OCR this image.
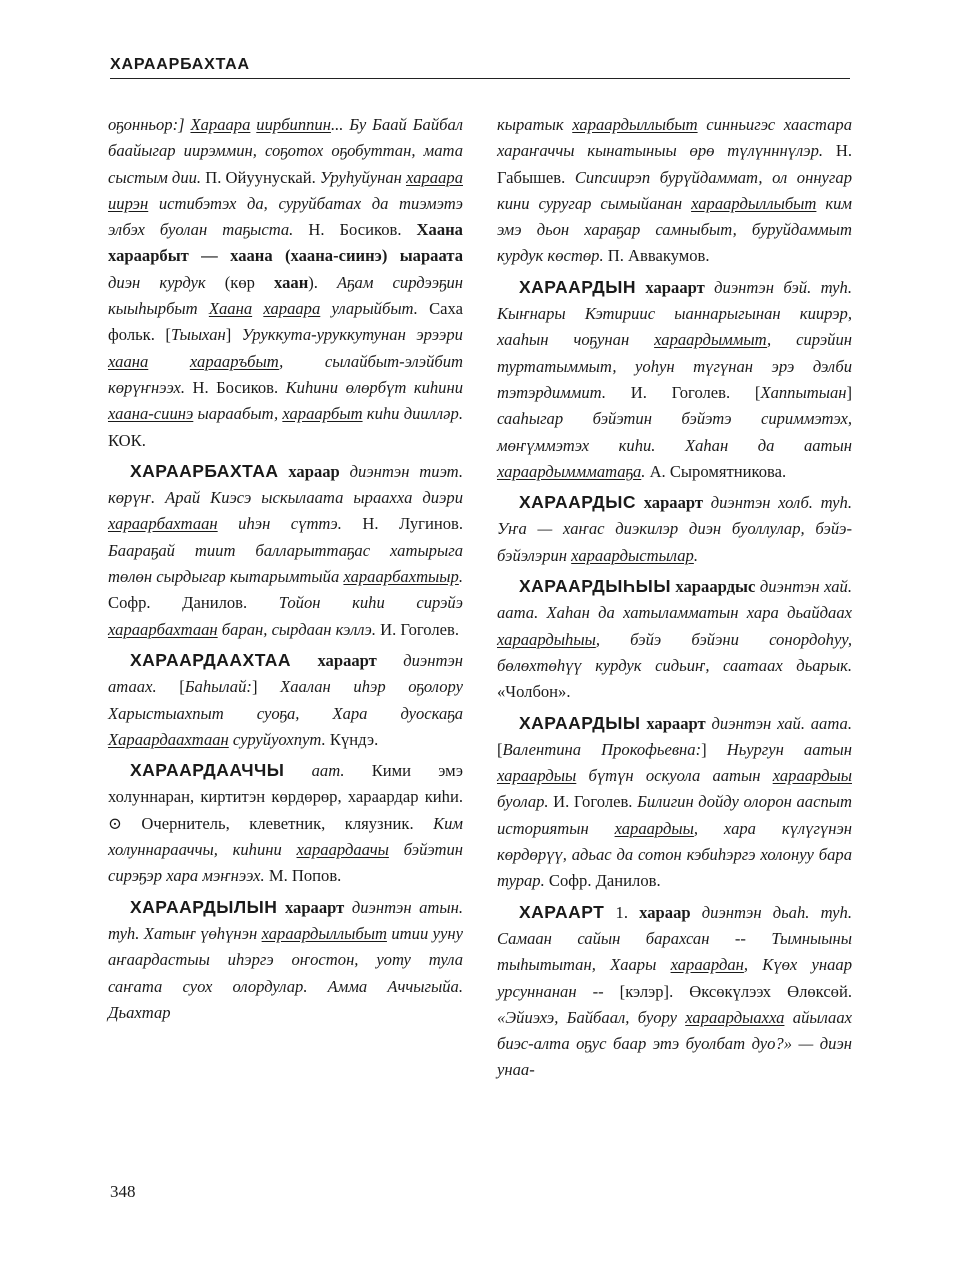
ХАРААРБАХТАА

оҕонньор:] Хараара иирбиппин... Бу Баай Байбал баайыгар иирэммин, соҕотох оҕобуттан, мата сыстым дии. П. Ойуунускай. Уруһуйунан хараара иирэн истибэтэх да, суруйбатах да тиэмэтэ элбэх буолан таҕыста. Н. Босиков. Хаана хараарбыт — хаана (хаана-сиинэ) ыараата диэн курдук (көр хаан). Аҕам сирдээҕин кыыһырбыт Хаана хараара уларыйбыт. Саха фольк. [Тыыхан] Уруккута-уруккутунан эрээри хаана	харааръбыт, сылайбыт-элэйбит көрүҥнээх. Н. Босиков. Киһини өлөрбүт киһини хаана-сиинэ ыараабыт, хараарбыт киһи диилләр. КОК.

ХАРААРБАХТАА хараар диэнтэн тиэт. көрүҥ. Арай Киэсэ ыскылаата ыраахха диэри хараарбахтаан иһэн сүттэ. Н. Лугинов. Баараҕай тиит балларыттаҕас хатырыга төлөн сырдыгар кытарымтыйа хараарбахтыыр. Софр. Данилов. Тойон киһи сирэйэ хараарбахтаан баран, сырдаан кэллэ. И. Гоголев.

ХАРААРДААХТАА хараарт диэнтэн атаах. [Баһылай:] Хаалан иһэр оҕолору Харыстыахпыт суоҕа, Хара дуоскаҕа Хараардаахтаан суруйуохпут. Күндэ.

ХАРААРДААЧЧЫ аат. Кими эмэ холуннаран, киртитэн көрдөрөр, хараардар киһи. ⊙ Очернитель, клеветник, кляузник. Ким холуннарааччы, киһини хараардаачы бэйэтин сирэҕэр хара мэҥнээх. М. Попов.

ХАРААРДЫЛЫН хараарт диэнтэн атын. туһ. Хатыҥ үөһүнэн хараардыллыбыт итии ууну аҥаардастыы иһэргэ оҥостон, уоту тула саҥата суох олордулар. Амма Аччыгыйа. Дьахтар

кыратык хараардыллыбыт синньигэс хаастара хараҥаччы кынатыныы өрө түлүнннүлэр. Н. Габышев. Сипсиирэп бурүйдаммат, ол оннугар кини суругар сымыйанан хараардыллыбыт ким эмэ дьон хараҕар самныбыт, буруйдаммыт курдук көстөр. П. Аввакумов.

ХАРААРДЫН хараарт диэнтэн бэй. туһ. Кыҥнары Кэтириис ыаннарыгынан киирэр, хааһын чоҕунан хараардыммыт, сирэйин туртатыммыт, уоһун түгүнан эрэ дэлби тэтэрдиммит. И. Гоголев. [Хаппытыан] сааһыгар бэйэтин бэйэтэ сириммэтэх, мөҥүммэтэх киһи. Хаһан да аатын хараардыммматаҕа. А. Сыромятникова.

ХАРААРДЫС хараарт диэнтэн холб. туһ. Уҥа — хаҥас диэкилэр диэн буоллулар, бэйэ-бэйэлэрин хараардыстылар.

ХАРААРДЫҺЫЫ хараардыс диэнтэн хай. аата. Хаһан да хатыламматын хара дьайдаах хараардыһыы, бэйэ бэйэни сонордоһуу, бөлөхтөһүү курдук сидьиҥ, саатаах дьарык. «Чолбон».

ХАРААРДЫЫ хараарт диэнтэн хай. аата. [Валентина Прокофьевна:] Ньургун аатын хараардыы бүтүн оскуола аатын хараардыы буолар. И. Гоголев. Билигин дойду олорон ааспыт историятын хараардыы, хара күлүгүнэн көрдөрүү, адьас да сотон кэбиһэргэ холонуу бара турар. Софр. Данилов.

ХАРААРТ 1. хараар диэнтэн дьаһ. туһ. Самаан сайын барахсан -- Тымныыны тыһытытан, Хаары хараардан, Күөх унаар урсуннанан -- [кэлэр]. Өксөкүлээх Өлөксөй. «Эйиэхэ, Байбаал, буору хараардыахха айылаах биэс-алта оҕус баар этэ буолбат дуо?» — диэн унаа-

348
